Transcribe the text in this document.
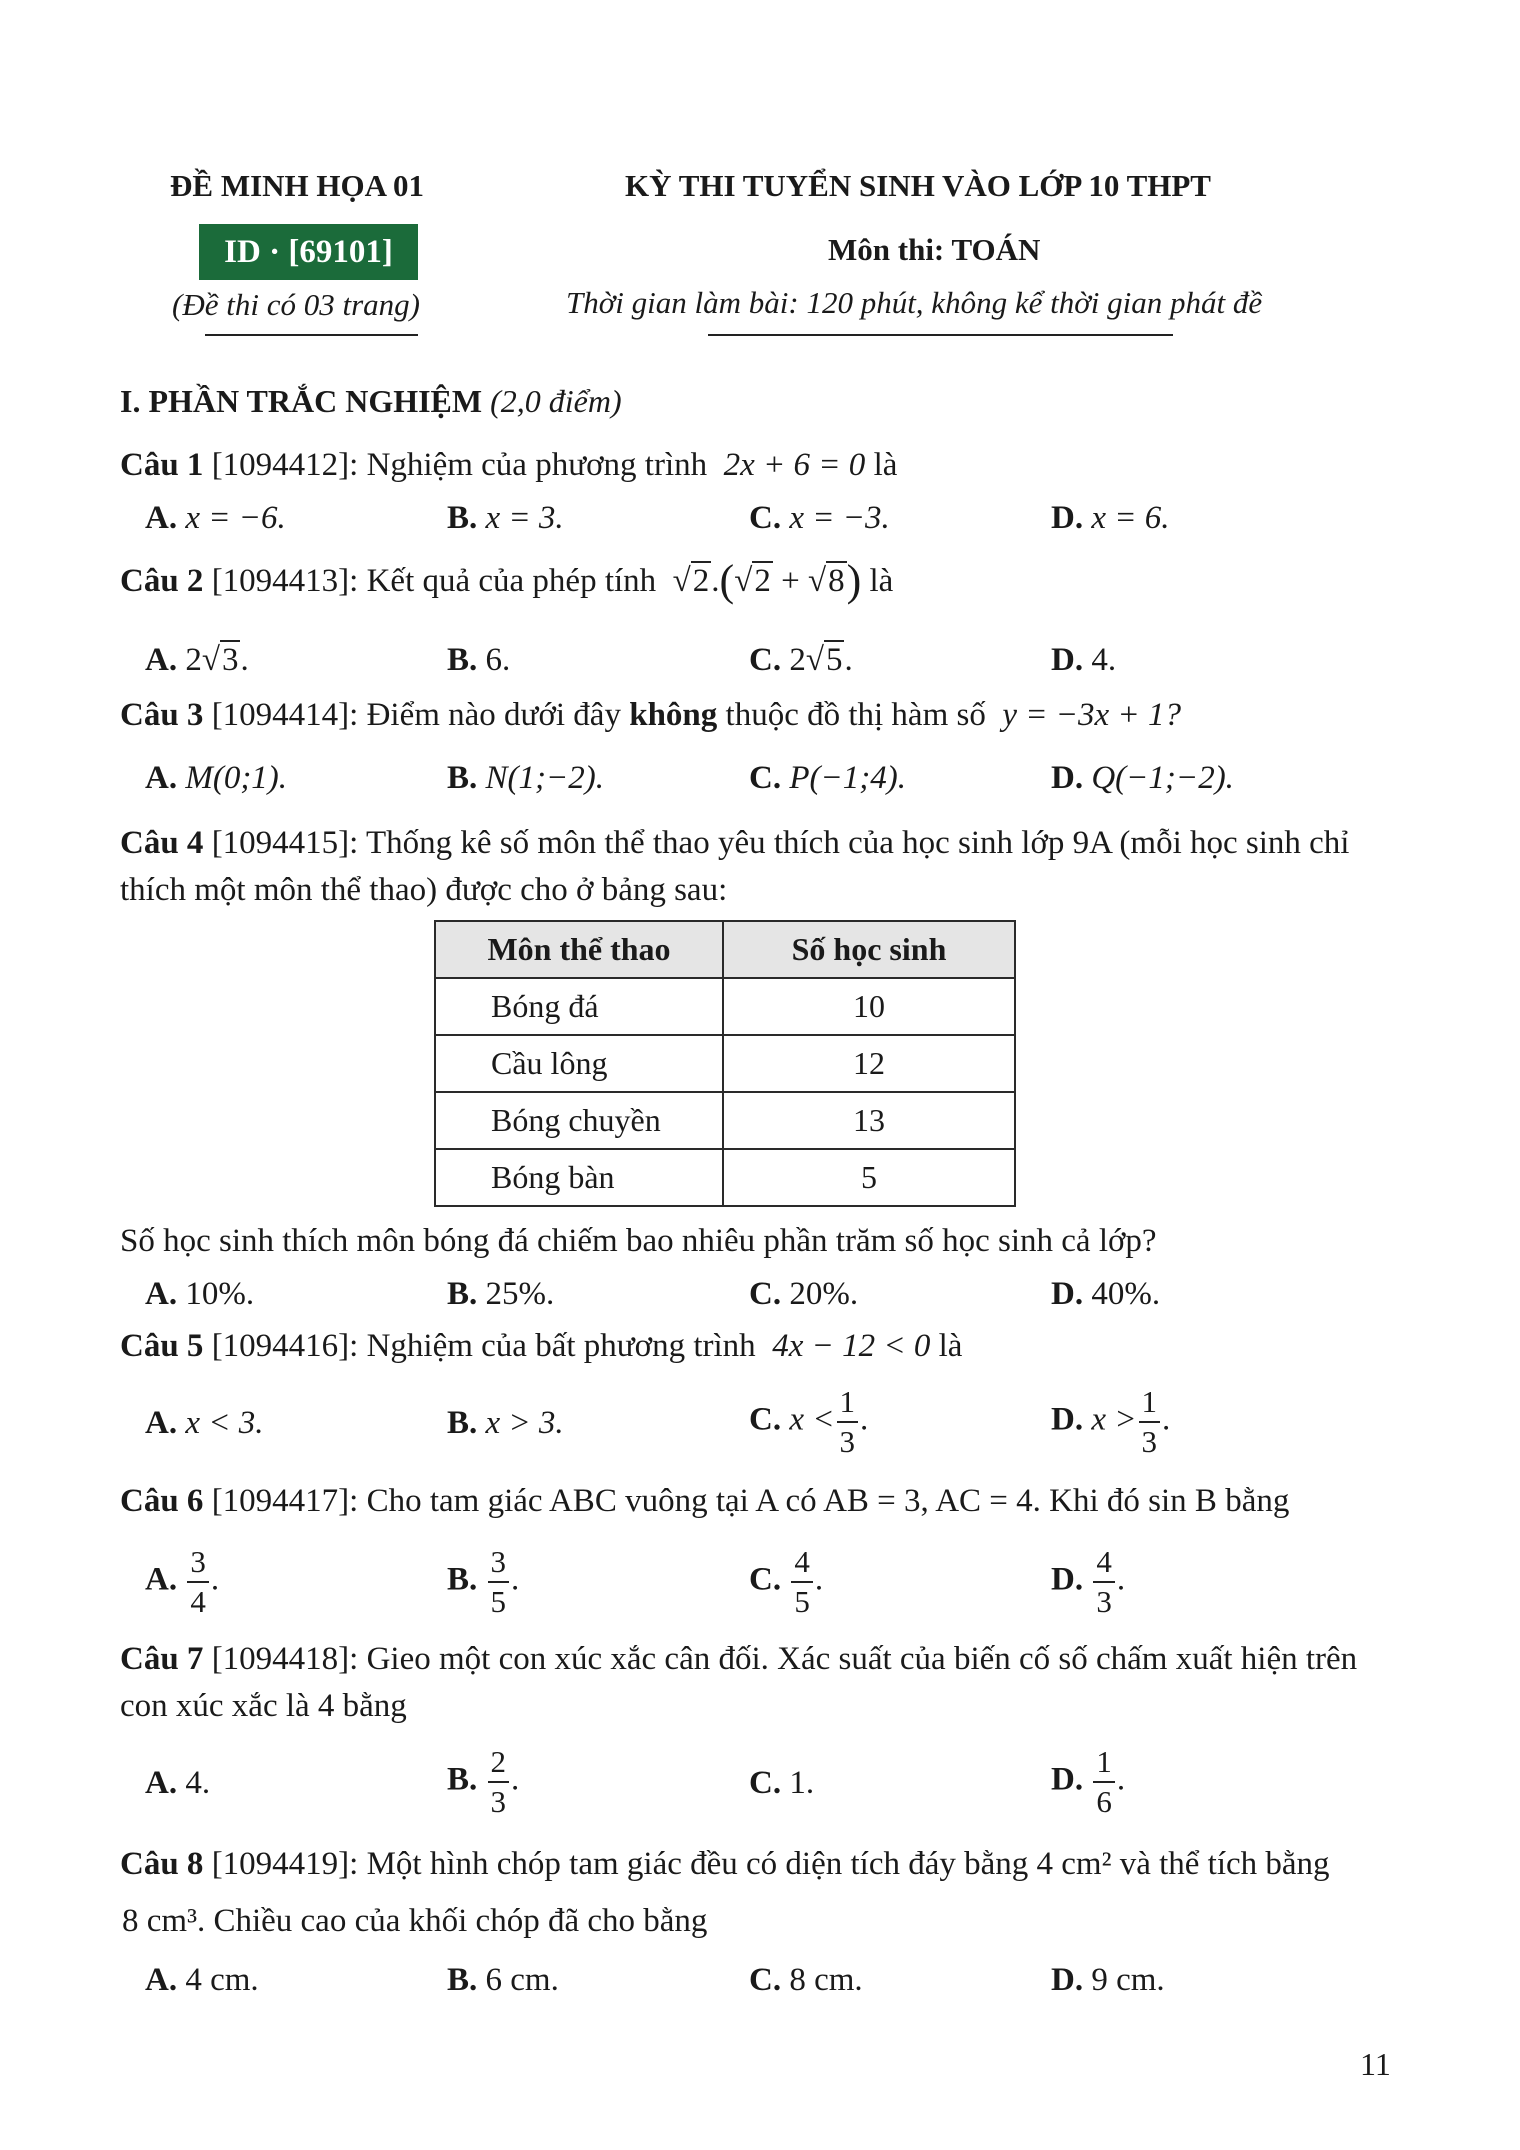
ĐỀ MINH HỌA 01
ID · [69101]
(Đề thi có 03 trang)
KỲ THI TUYỂN SINH VÀO LỚP 10 THPT
Môn thi: TOÁN
Thời gian làm bài: 120 phút, không kể thời gian phát đề
I. PHẦN TRẮC NGHIỆM (2,0 điểm)
Câu 1 [1094412]: Nghiệm của phương trình 2x + 6 = 0 là
A. x = −6.	B. x = 3.	C. x = −3.	D. x = 6.
Câu 2 [1094413]: Kết quả của phép tính √2.(√2 + √8) là
A. 2√3.	B. 6.	C. 2√5.	D. 4.
Câu 3 [1094414]: Điểm nào dưới đây không thuộc đồ thị hàm số y = −3x + 1?
A. M(0;1).	B. N(1;−2).	C. P(−1;4).	D. Q(−1;−2).
Câu 4 [1094415]: Thống kê số môn thể thao yêu thích của học sinh lớp 9A (mỗi học sinh chỉ
thích một môn thể thao) được cho ở bảng sau:
Môn thể thao	Số học sinh
Bóng đá	10
Cầu lông	12
Bóng chuyền	13
Bóng bàn	5
Số học sinh thích môn bóng đá chiếm bao nhiêu phần trăm số học sinh cả lớp?
A. 10%.	B. 25%.	C. 20%.	D. 40%.
Câu 5 [1094416]: Nghiệm của bất phương trình 4x − 12 < 0 là
A. x < 3.	B. x > 3.	C. $x < \frac{1}{3}$ .	D. $x > \frac{1}{3}$ .
Câu 6 [1094417]: Cho tam giác ABC vuông tại A có AB = 3, AC = 4. Khi đó sin B bằng
A. $\frac{3}{4}$ .	B. $\frac{3}{5}$ .	C. $\frac{4}{5}$ .	D. $\frac{4}{3}$ .
Câu 7 [1094418]: Gieo một con xúc xắc cân đối. Xác suất của biến cố số chấm xuất hiện trên
con xúc xắc là 4 bằng
A. 4.	B. $\frac{2}{3}$ .	C. 1.	D. $\frac{1}{6}$ .
Câu 8 [1094419]: Một hình chóp tam giác đều có diện tích đáy bằng 4 cm² và thể tích bằng
8 cm³. Chiều cao của khối chóp đã cho bằng
A. 4 cm.	B. 6 cm.	C. 8 cm.	D. 9 cm.
11
